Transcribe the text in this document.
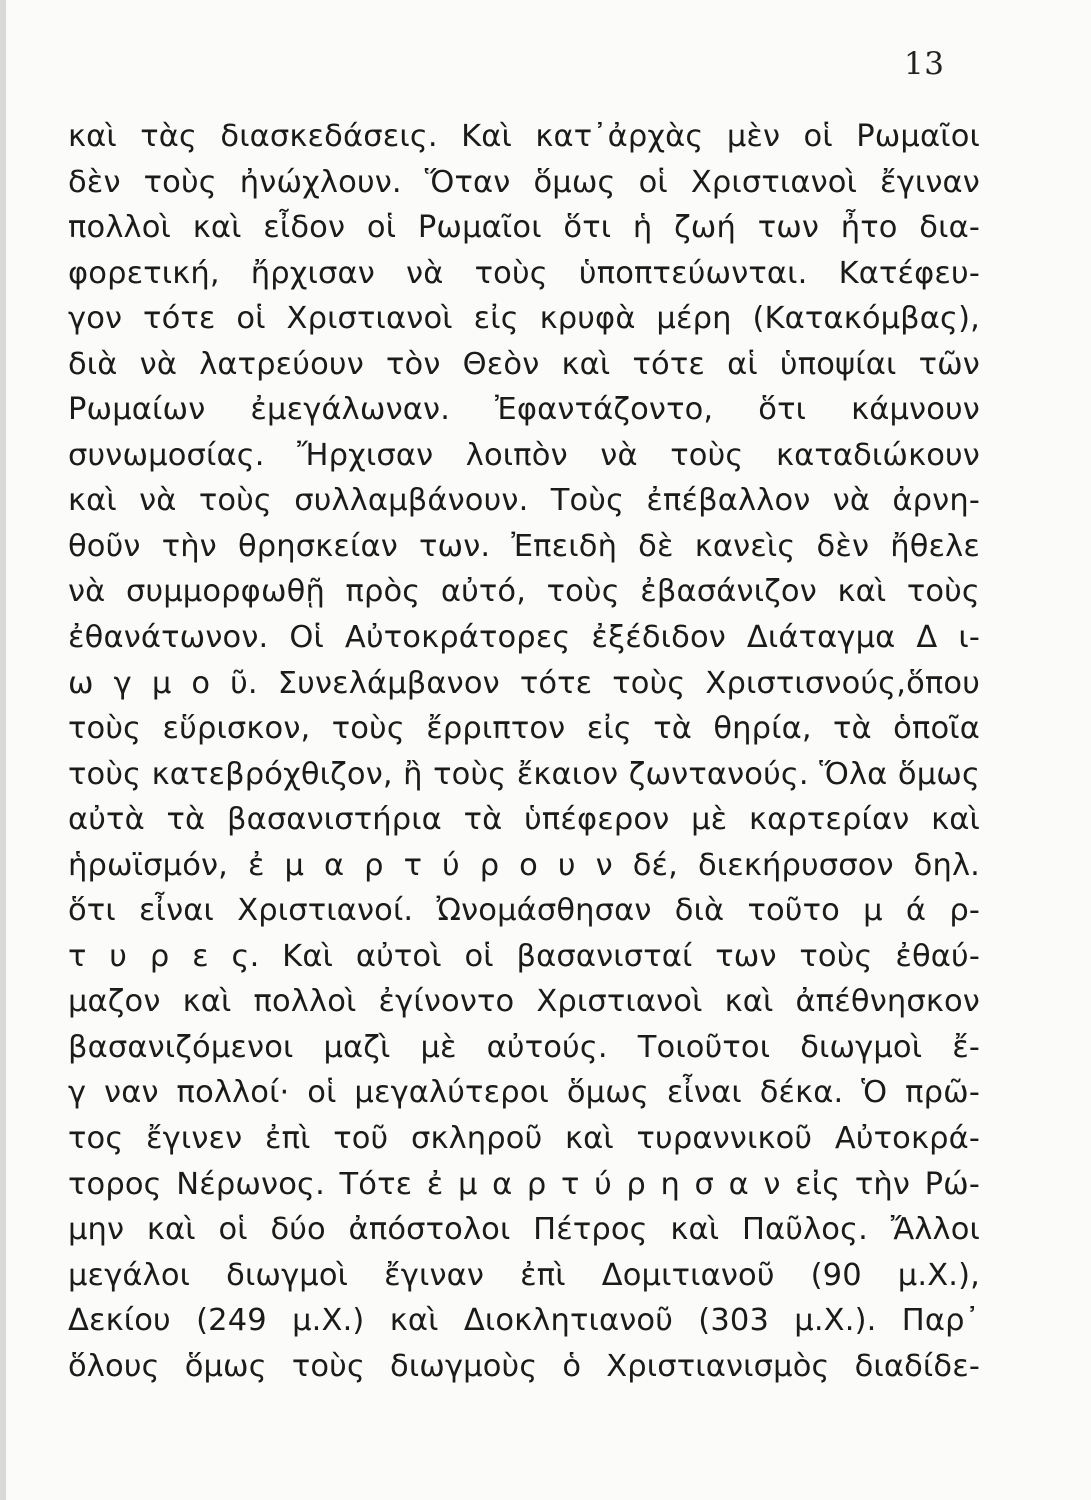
13
καὶ τὰς διασκεδάσεις. Καὶ κατ᾽ἀρχὰς μὲν οἱ Ρωμαῖοι
δὲν τοὺς ἠνώχλουν. Ὅταν ὅμως οἱ Χριστιανοὶ ἔγιναν
πολλοὶ καὶ εἶδον οἱ Ρωμαῖοι ὅτι ἡ ζωή των ἦτο δια-
φορετική, ἤρχισαν νὰ τοὺς ὑποπτεύωνται. Κατέφευ-
γον τότε οἱ Χριστιανοὶ εἰς κρυφὰ μέρη (Κατακόμβας),
διὰ νὰ λατρεύουν τὸν Θεὸν καὶ τότε αἱ ὑποψίαι τῶν
Ρωμαίων ἐμεγάλωναν. Ἐφαντάζοντο, ὅτι κάμνουν
συνωμοσίας. Ἤρχισαν λοιπὸν νὰ τοὺς καταδιώκουν
καὶ νὰ τοὺς συλλαμβάνουν. Τοὺς ἐπέβαλλον νὰ ἀρνη-
θοῦν τὴν θρησκείαν των. Ἐπειδὴ δὲ κανεὶς δὲν ἤθελε
νὰ συμμορφωθῇ πρὸς αὐτό, τοὺς ἐβασάνιζον καὶ τοὺς
ἐθανάτωνον. Οἱ Αὐτοκράτορες ἐξέδιδον Διάταγμα Δ ι-
ω γ μ ο ῦ. Συνελάμβανον τότε τοὺς Χριστισνούς,ὅπου
τοὺς εὕρισκον, τοὺς ἔρριπτον εἰς τὰ θηρία, τὰ ὁποῖα
τοὺς κατεβρόχθιζον, ἢ τοὺς ἔκαιον ζωντανούς. Ὅλα ὅμως
αὐτὰ τὰ βασανιστήρια τὰ ὑπέφερον μὲ καρτερίαν καὶ
ἡρωϊσμόν, ἐ μ α ρ τ ύ ρ ο υ ν δέ, διεκήρυσσον δηλ.
ὅτι εἶναι Χριστιανοί. Ὠνομάσθησαν διὰ τοῦτο μ ά ρ-
τ υ ρ ε ς. Καὶ αὐτοὶ οἱ βασανισταί των τοὺς ἐθαύ-
μαζον καὶ πολλοὶ ἐγίνοντο Χριστιανοὶ καὶ ἀπέθνησκον
βασανιζόμενοι μαζὶ μὲ αὐτούς. Τοιοῦτοι διωγμοὶ ἔ-
γ ναν πολλοί· οἱ μεγαλύτεροι ὅμως εἶναι δέκα. Ὁ πρῶ-
τος ἔγινεν ἐπὶ τοῦ σκληροῦ καὶ τυραννικοῦ Αὐτοκρά-
τορος Νέρωνος. Τότε ἐ μ α ρ τ ύ ρ η σ α ν εἰς τὴν Ρώ-
μην καὶ οἱ δύο ἀπόστολοι Πέτρος καὶ Παῦλος. Ἄλλοι
μεγάλοι διωγμοὶ ἔγιναν ἐπὶ Δομιτιανοῦ (90 μ.Χ.),
Δεκίου (249 μ.Χ.) καὶ Διοκλητιανοῦ (303 μ.Χ.). Παρ᾽
ὅλους ὅμως τοὺς διωγμοὺς ὁ Χριστιανισμὸς διαδίδε-
